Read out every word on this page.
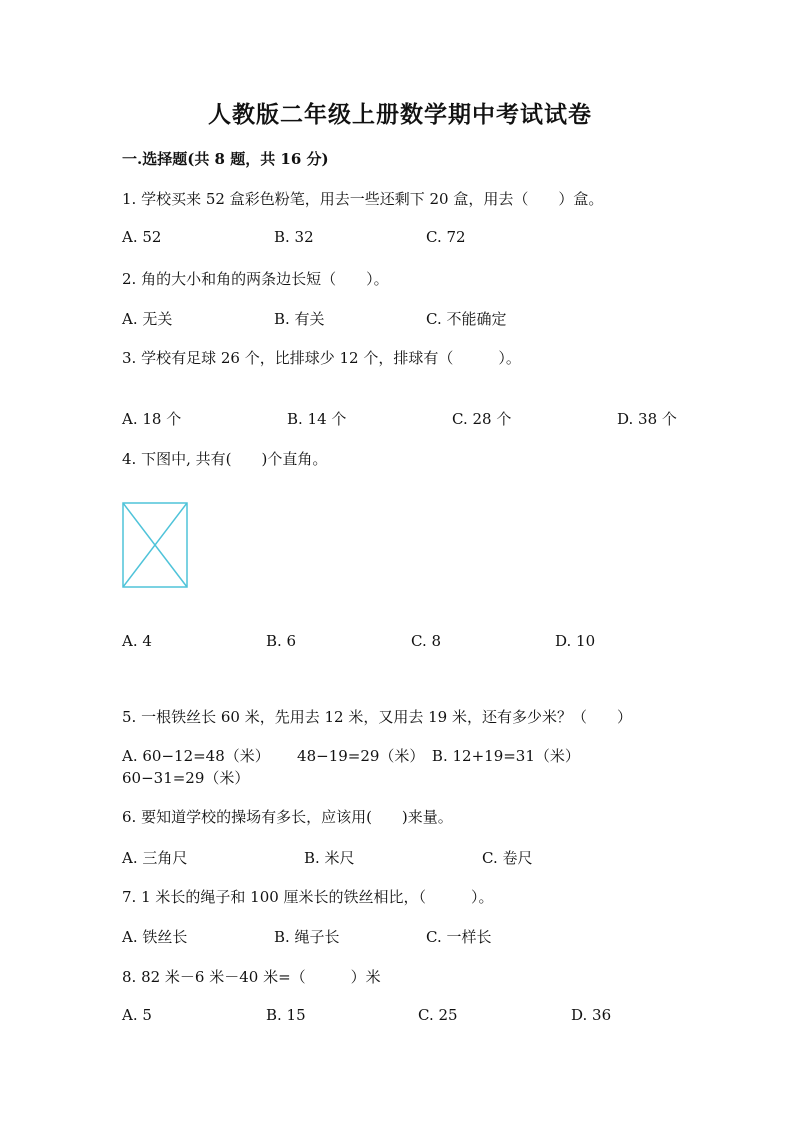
人教版二年级上册数学期中考试试卷
一.选择题(共 8 题，共 16 分)
1. 学校买来 52 盒彩色粉笔，用去一些还剩下 20 盒，用去（　　）盒。
A. 52	B. 32	C. 72
2. 角的大小和角的两条边长短（　　）。
A. 无关	B. 有关	C. 不能确定
3. 学校有足球 26 个，比排球少 12 个，排球有（　　　）。
A. 18 个	B. 14 个	C. 28 个	D. 38 个
4. 下图中, 共有(　　)个直角。
A. 4	B. 6	C. 8	D. 10
5. 一根铁丝长 60 米，先用去 12 米，又用去 19 米，还有多少米？（　　）
A. 60−12=48（米）　　 48−19=29（米）　B. 12+19=31（米）　　　60−31=29（米）
6. 要知道学校的操场有多长，应该用(　　)来量。
A. 三角尺	B. 米尺	C. 卷尺
7. 1 米长的绳子和 100 厘米长的铁丝相比，（　　　）。
A. 铁丝长	B. 绳子长	C. 一样长
8. 82 米－6 米－40 米=（　　　）米
A. 5	B. 15	C. 25	D. 36
